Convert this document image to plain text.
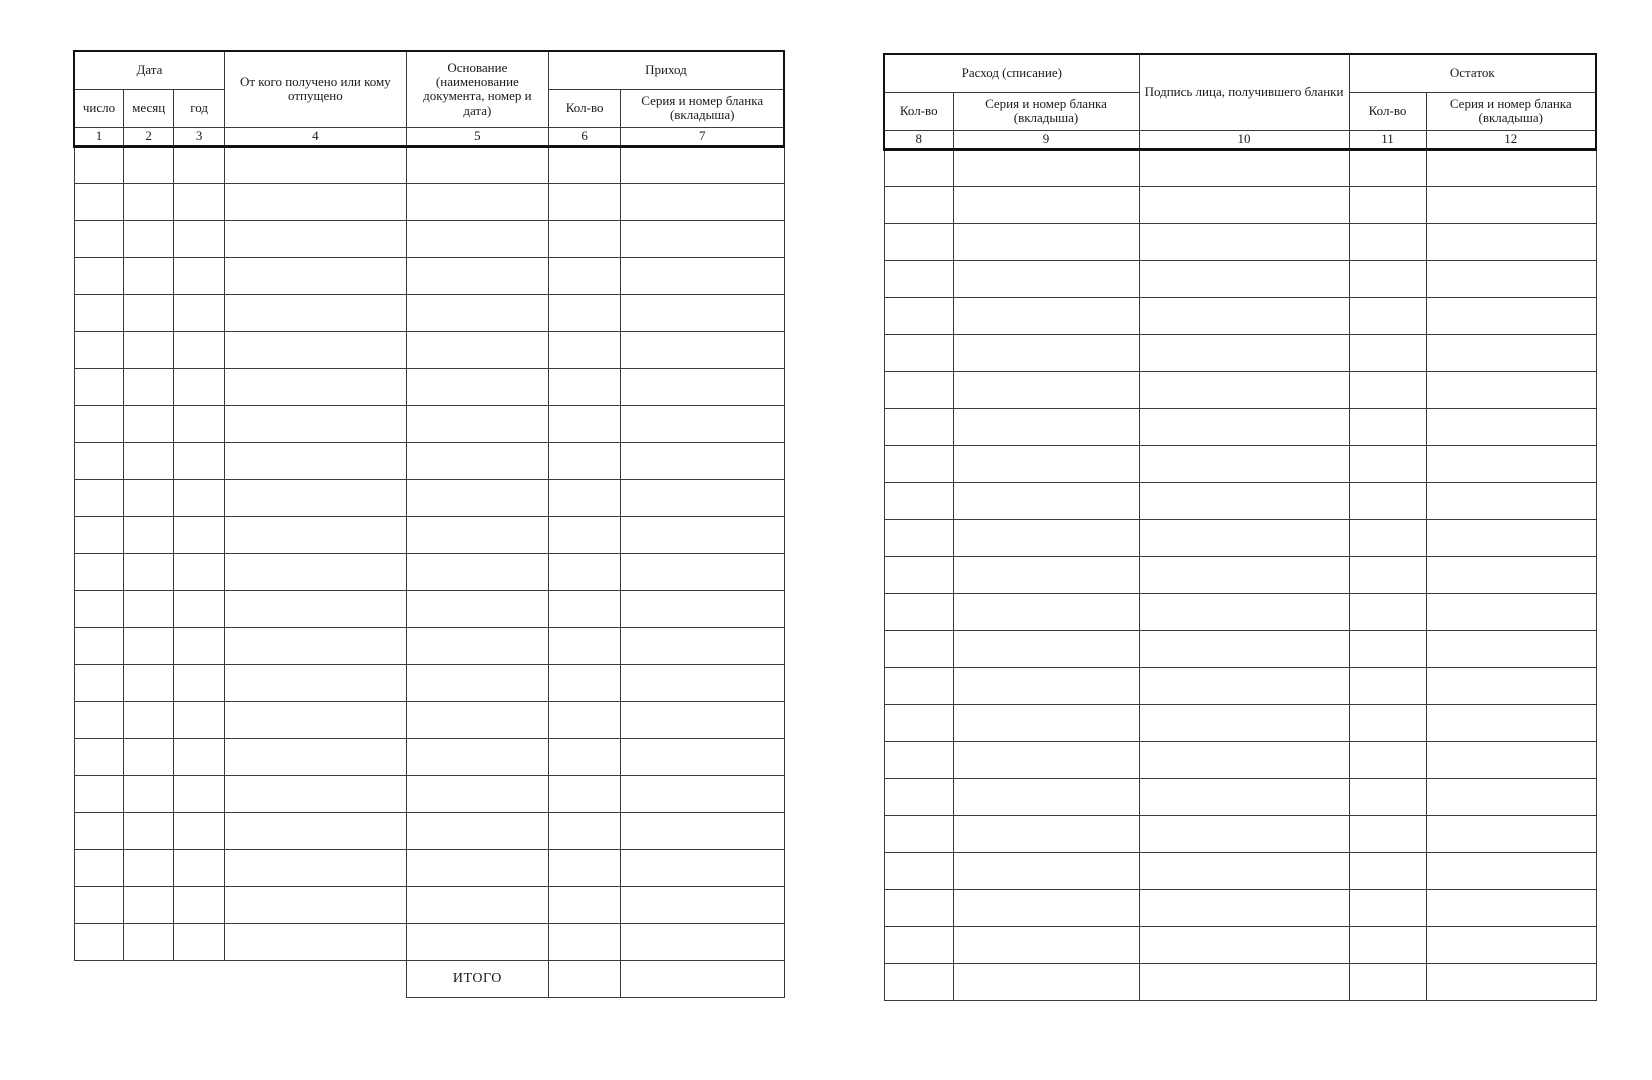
Дата			От кого получено или кому отпущено	Основание (наименование документа, номер и дата)	Приход	
число	месяц	год			Кол-во	Серия и номер бланка (вкладыша)
1	2	3	4	5	6	7

				ИТОГО		
Расход (списание)		Подпись лица, получившего бланки	Остаток	
Кол-во	Серия и номер бланка (вкладыша)		Кол-во	Серия и номер бланка (вкладыша)
8	9	10	11	12
